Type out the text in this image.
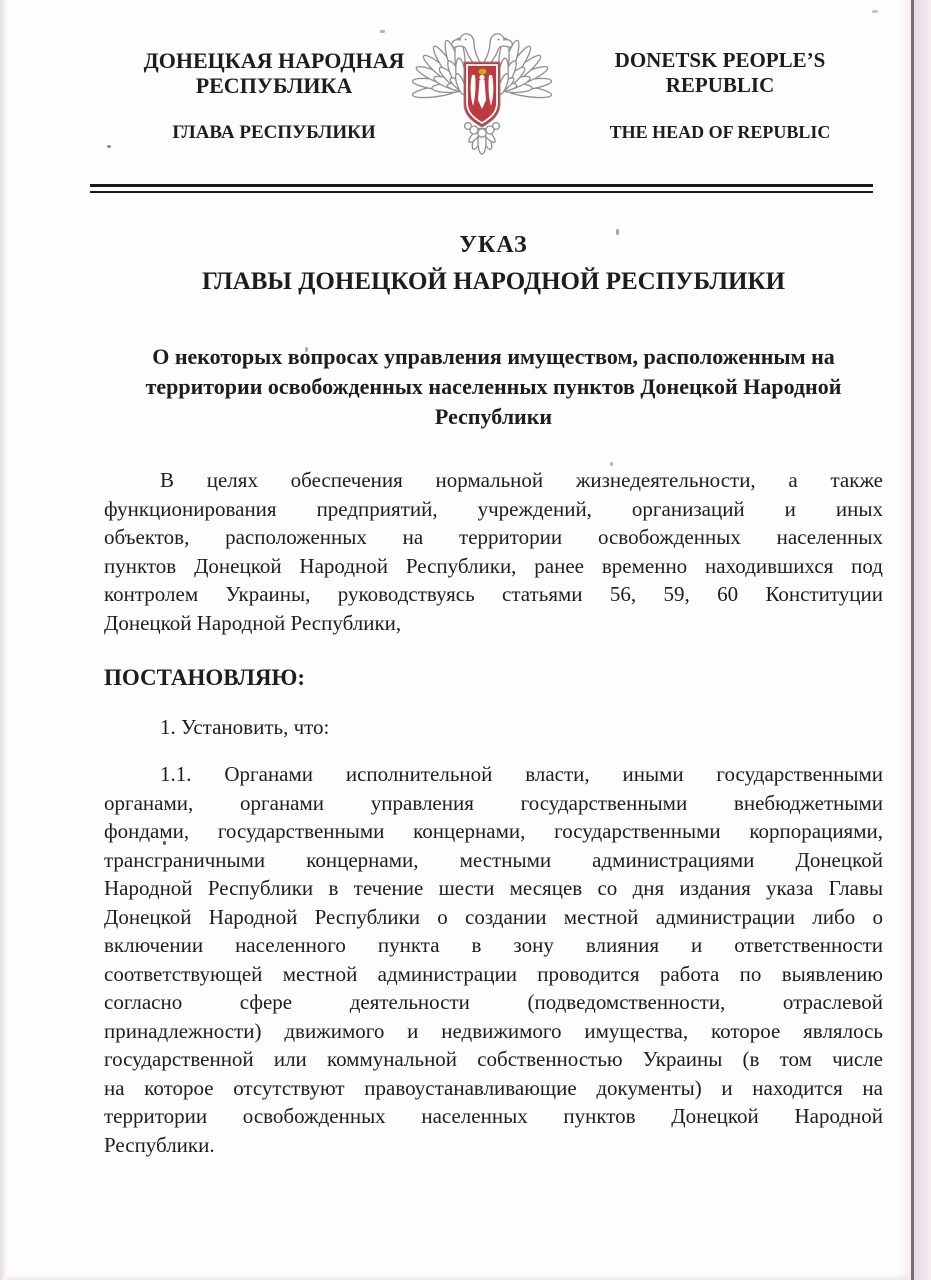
ДОНЕЦКАЯ НАРОДНАЯ
РЕСПУБЛИКА
ГЛАВА РЕСПУБЛИКИ
DONETSK PEOPLE’S
REPUBLIC
THE HEAD OF REPUBLIC
УКАЗ
ГЛАВЫ ДОНЕЦКОЙ НАРОДНОЙ РЕСПУБЛИКИ
О некоторых вопросах управления имуществом, расположенным на
территории освобожденных населенных пунктов Донецкой Народной
Республики
В целях обеспечения нормальной жизнедеятельности, а также
функционирования предприятий, учреждений, организаций и иных
объектов, расположенных на территории освобожденных населенных
пунктов Донецкой Народной Республики, ранее временно находившихся под
контролем Украины, руководствуясь статьями 56, 59, 60 Конституции
Донецкой Народной Республики,
ПОСТАНОВЛЯЮ:
1. Установить, что:
1.1. Органами исполнительной власти, иными государственными
органами, органами управления государственными внебюджетными
фондами, государственными концернами, государственными корпорациями,
трансграничными концернами, местными администрациями Донецкой
Народной Республики в течение шести месяцев со дня издания указа Главы
Донецкой Народной Республики о создании местной администрации либо о
включении населенного пункта в зону влияния и ответственности
соответствующей местной администрации проводится работа по выявлению
согласно сфере деятельности (подведомственности, отраслевой
принадлежности) движимого и недвижимого имущества, которое являлось
государственной или коммунальной собственностью Украины (в том числе
на которое отсутствуют правоустанавливающие документы) и находится на
территории освобожденных населенных пунктов Донецкой Народной
Республики.
